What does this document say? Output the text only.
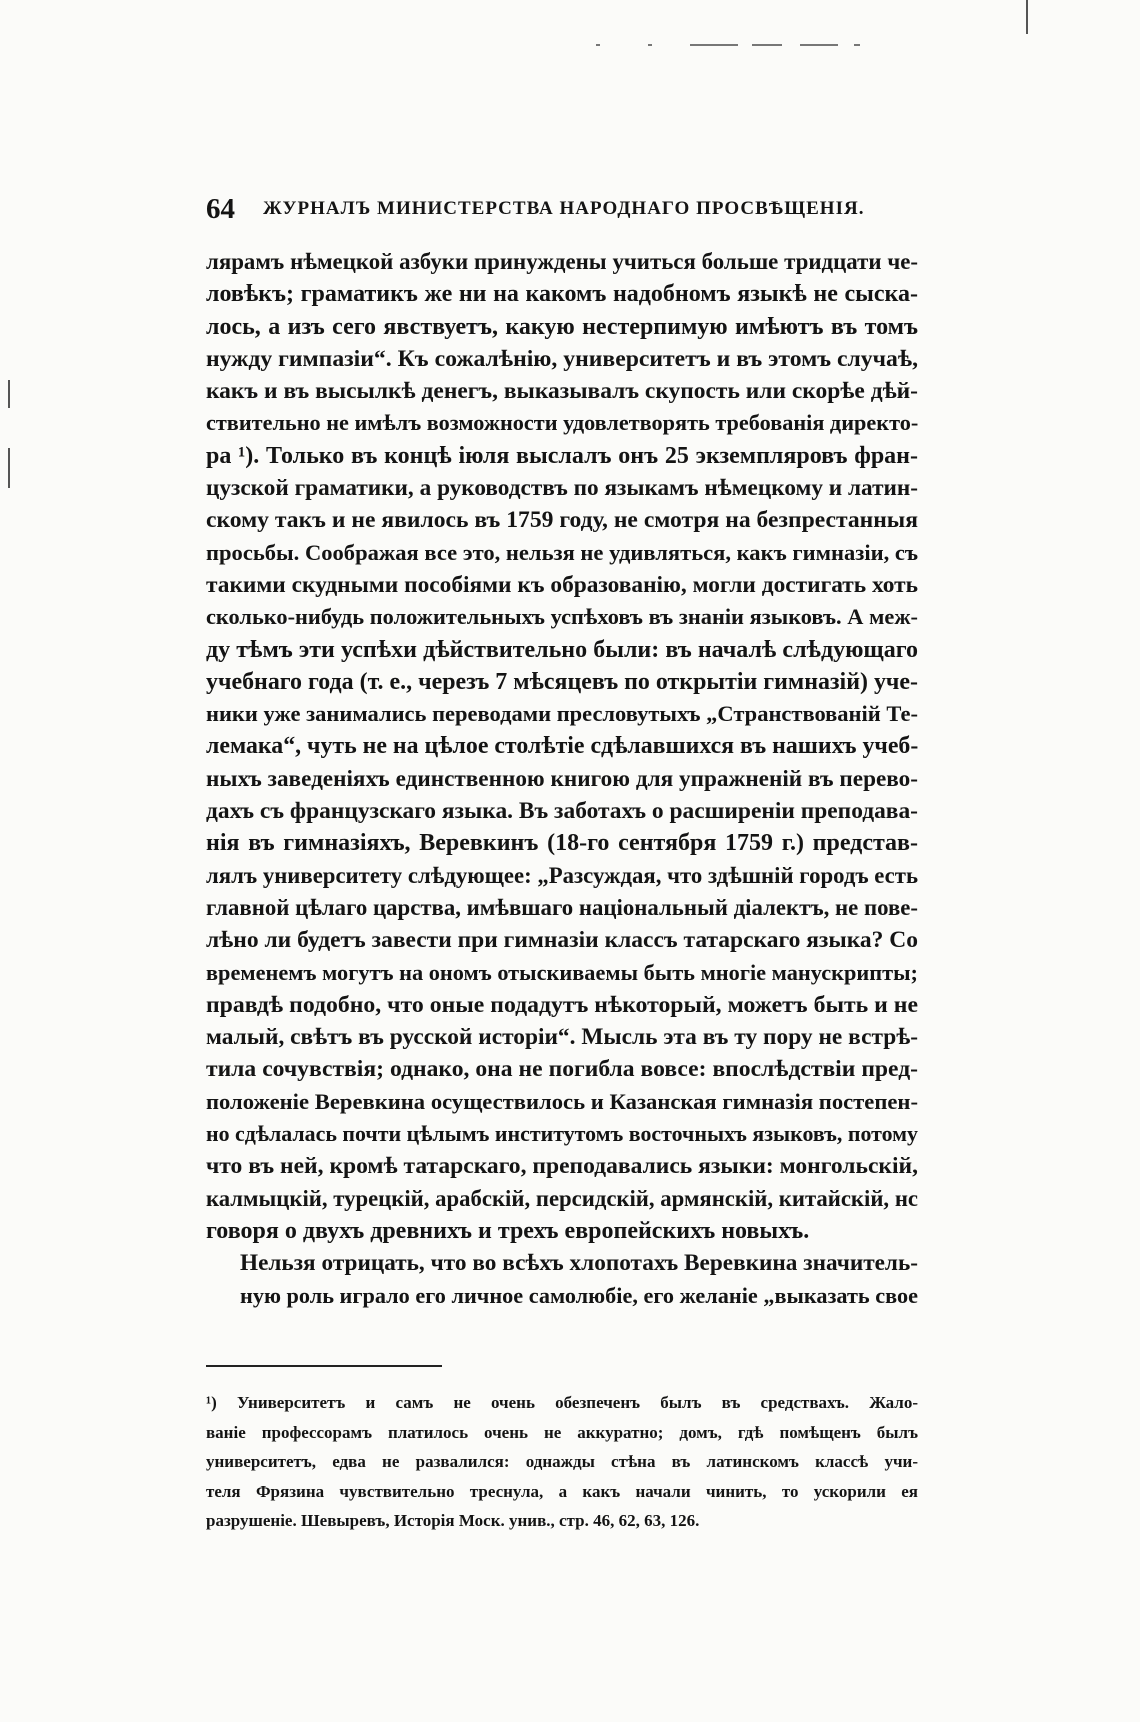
64 ЖУРНАЛЪ МИНИСТЕРСТВА НАРОДНАГО ПРОСВѢЩЕНІЯ.
лярамъ нѣмецкой азбуки принуждены учиться больше тридцати че-
ловѣкъ; граматикъ же ни на какомъ надобномъ языкѣ не сыска-
лось, а изъ сего явствуетъ, какую нестерпимую имѣютъ въ томъ
нужду гимпазіи“. Къ сожалѣнію, университетъ и въ этомъ случаѣ,
какъ и въ высылкѣ денегъ, выказывалъ скупость или скорѣе дѣй-
ствительно не имѣлъ возможности удовлетворять требованія директо-
ра ¹). Только въ концѣ іюля выслалъ онъ 25 экземпляровъ фран-
цузской граматики, а руководствъ по языкамъ нѣмецкому и латин-
скому такъ и не явилось въ 1759 году, не смотря на безпрестанныя
просьбы. Соображая все это, нельзя не удивляться, какъ гимназіи, съ
такими скудными пособіями къ образованію, могли достигать хоть
сколько-нибудь положительныхъ успѣховъ въ знаніи языковъ. А меж-
ду тѣмъ эти успѣхи дѣйствительно были: въ началѣ слѣдующаго
учебнаго года (т. е., черезъ 7 мѣсяцевъ по открытіи гимназій) уче-
ники уже занимались переводами пресловутыхъ „Странствованій Те-
лемака“, чуть не на цѣлое столѣтіе сдѣлавшихся въ нашихъ учеб-
ныхъ заведеніяхъ единственною книгою для упражненій въ перево-
дахъ съ французскаго языка. Въ заботахъ о расширеніи преподава-
нія въ гимназіяхъ, Веревкинъ (18-го сентября 1759 г.) представ-
лялъ университету слѣдующее: „Разсуждая, что здѣшній городъ есть
главной цѣлаго царства, имѣвшаго національный діалектъ, не повe-
лѣно ли будетъ завести при гимназіи классъ татарскаго языка? Со
временемъ могутъ на ономъ отыскиваемы быть многіе манускрипты;
правдѣ подобно, что оные подадутъ нѣкоторый, можетъ быть и не
малый, свѣтъ въ русской исторіи“. Мысль эта въ ту пору не встрѣ-
тила сочувствія; однако, она не погибла вовсе: впослѣдствіи пред-
положеніе Веревкина осуществилось и Казанская гимназія постепен-
но сдѣлалась почти цѣлымъ институтомъ восточныхъ языковъ, потому
что въ ней, кромѣ татарскаго, преподавались языки: монгольскій,
калмыцкій, турецкій, арабскій, персидскій, армянскій, китайскій, нс
говоря о двухъ древнихъ и трехъ европейскихъ новыхъ.
Нельзя отрицать, что во всѣхъ хлопотахъ Веревкина значитель-
ную роль играло его личное самолюбіе, его желаніе „выказать свое
¹) Университетъ и самъ не очень обезпеченъ былъ въ средствахъ. Жало-
ваніе профессорамъ платилось очень не аккуратно; домъ, гдѣ помѣщенъ былъ
университетъ, едва не развалился: однажды стѣна въ латинскомъ классѣ учи-
теля Фрязина чувствительно треснула, а какъ начали чинить, то ускорили ея
разрушеніе. Шевыревъ, Исторія Моск. унив., стр. 46, 62, 63, 126.
